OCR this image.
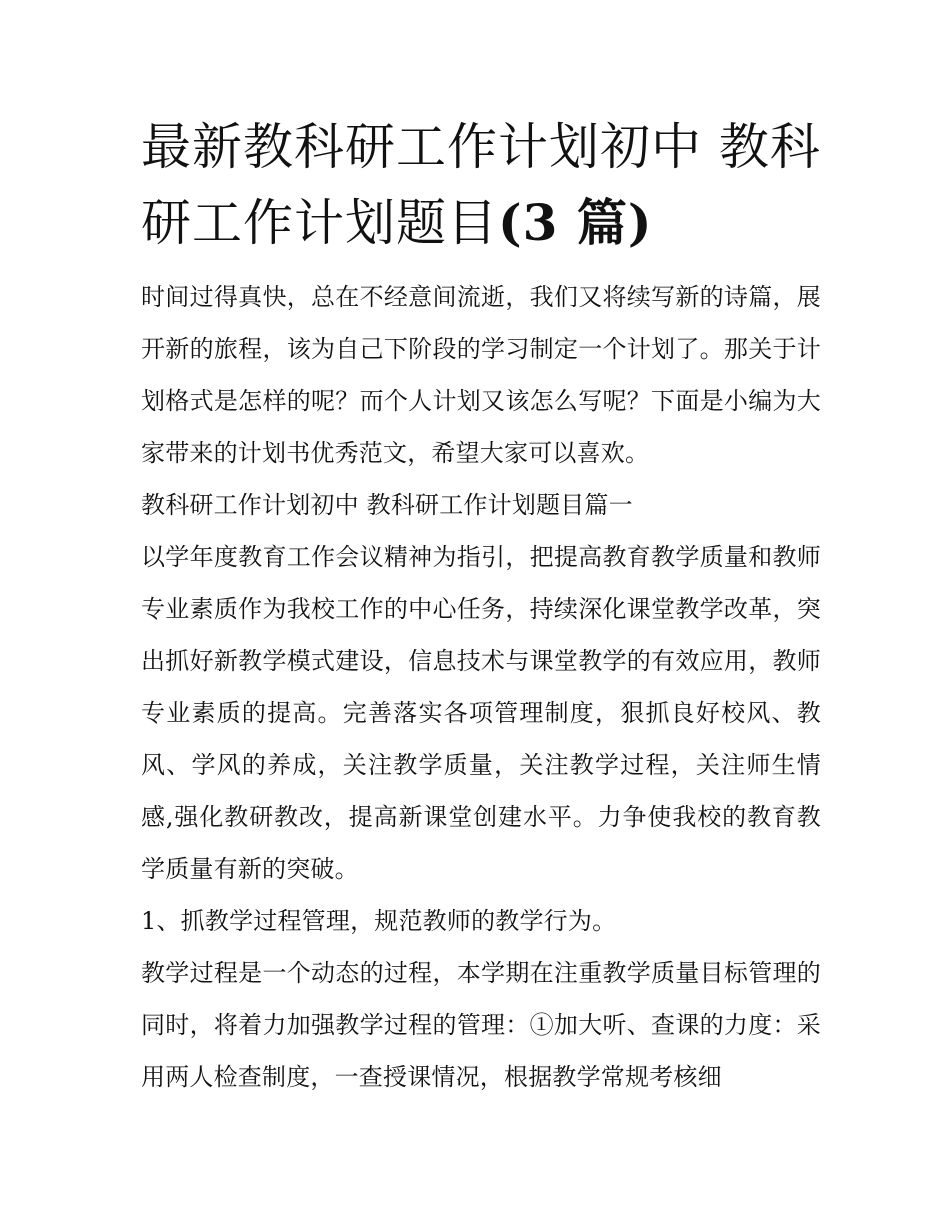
最新教科研工作计划初中 教科研工作计划题目(3 篇)

时间过得真快，总在不经意间流逝，我们又将续写新的诗篇，展开新的旅程，该为自己下阶段的学习制定一个计划了。那关于计划格式是怎样的呢？而个人计划又该怎么写呢？下面是小编为大家带来的计划书优秀范文，希望大家可以喜欢。

教科研工作计划初中 教科研工作计划题目篇一

以学年度教育工作会议精神为指引，把提高教育教学质量和教师专业素质作为我校工作的中心任务，持续深化课堂教学改革，突出抓好新教学模式建设，信息技术与课堂教学的有效应用，教师专业素质的提高。完善落实各项管理制度，狠抓良好校风、教风、学风的养成，关注教学质量，关注教学过程，关注师生情感,强化教研教改，提高新课堂创建水平。力争使我校的教育教学质量有新的突破。

1、抓教学过程管理，规范教师的教学行为。

教学过程是一个动态的过程，本学期在注重教学质量目标管理的同时，将着力加强教学过程的管理：①加大听、查课的力度：采用两人检查制度，一查授课情况，根据教学常规考核细
